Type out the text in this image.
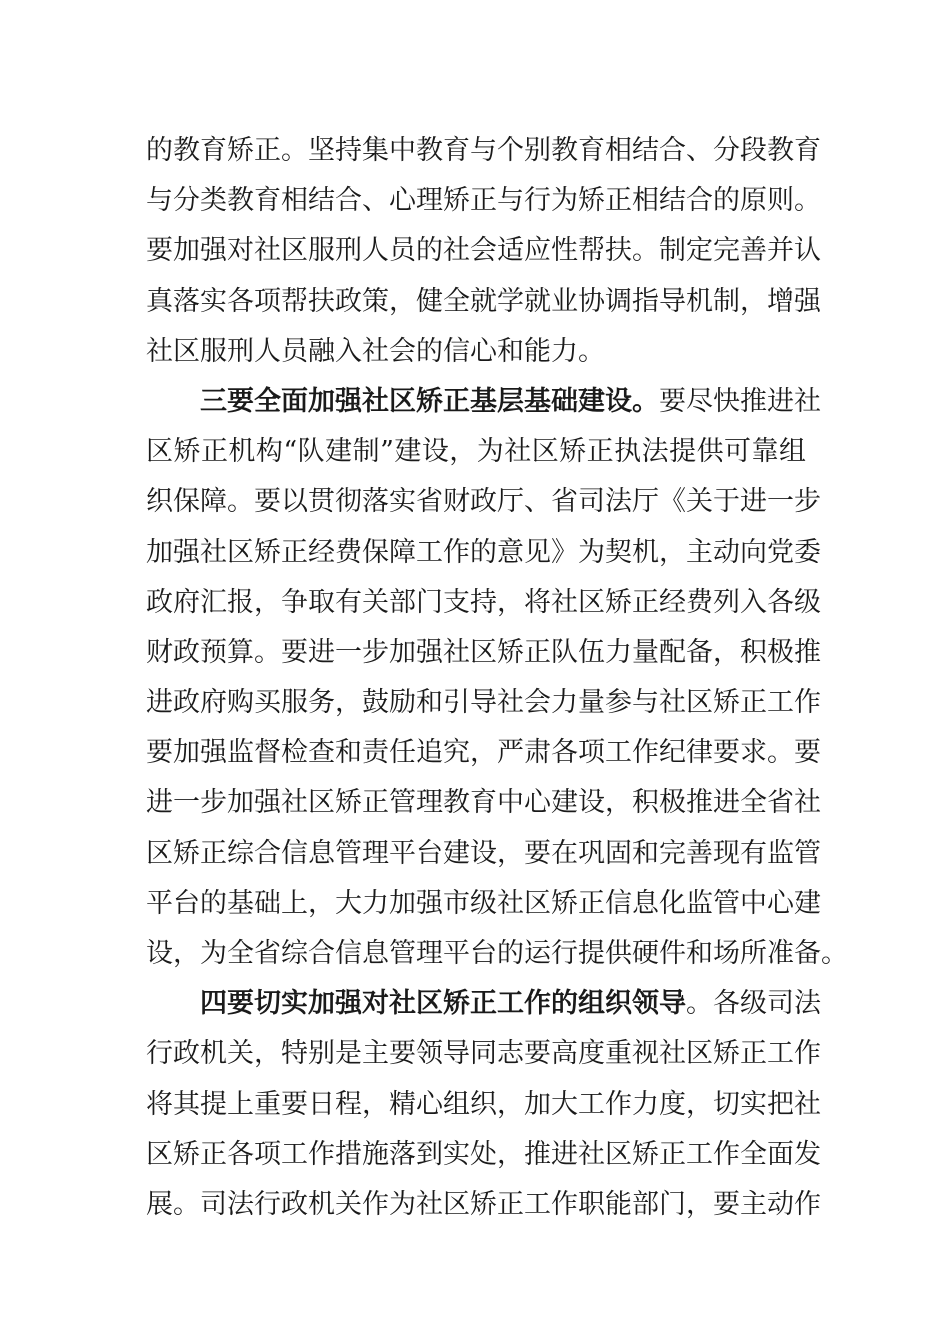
的教育矫正。坚持集中教育与个别教育相结合、分段教育
与分类教育相结合、心理矫正与行为矫正相结合的原则。
要加强对社区服刑人员的社会适应性帮扶。制定完善并认
真落实各项帮扶政策，健全就学就业协调指导机制，增强
社区服刑人员融入社会的信心和能力。
三要全面加强社区矫正基层基础建设。要尽快推进社
区矫正机构“队建制”建设，为社区矫正执法提供可靠组
织保障。要以贯彻落实省财政厅、省司法厅《关于进一步
加强社区矫正经费保障工作的意见》为契机，主动向党委
政府汇报，争取有关部门支持，将社区矫正经费列入各级
财政预算。要进一步加强社区矫正队伍力量配备，积极推
进政府购买服务，鼓励和引导社会力量参与社区矫正工作
要加强监督检查和责任追究，严肃各项工作纪律要求。要
进一步加强社区矫正管理教育中心建设，积极推进全省社
区矫正综合信息管理平台建设，要在巩固和完善现有监管
平台的基础上，大力加强市级社区矫正信息化监管中心建
设，为全省综合信息管理平台的运行提供硬件和场所准备。
四要切实加强对社区矫正工作的组织领导。各级司法
行政机关，特别是主要领导同志要高度重视社区矫正工作
将其提上重要日程，精心组织，加大工作力度，切实把社
区矫正各项工作措施落到实处，推进社区矫正工作全面发
展。司法行政机关作为社区矫正工作职能部门，要主动作
